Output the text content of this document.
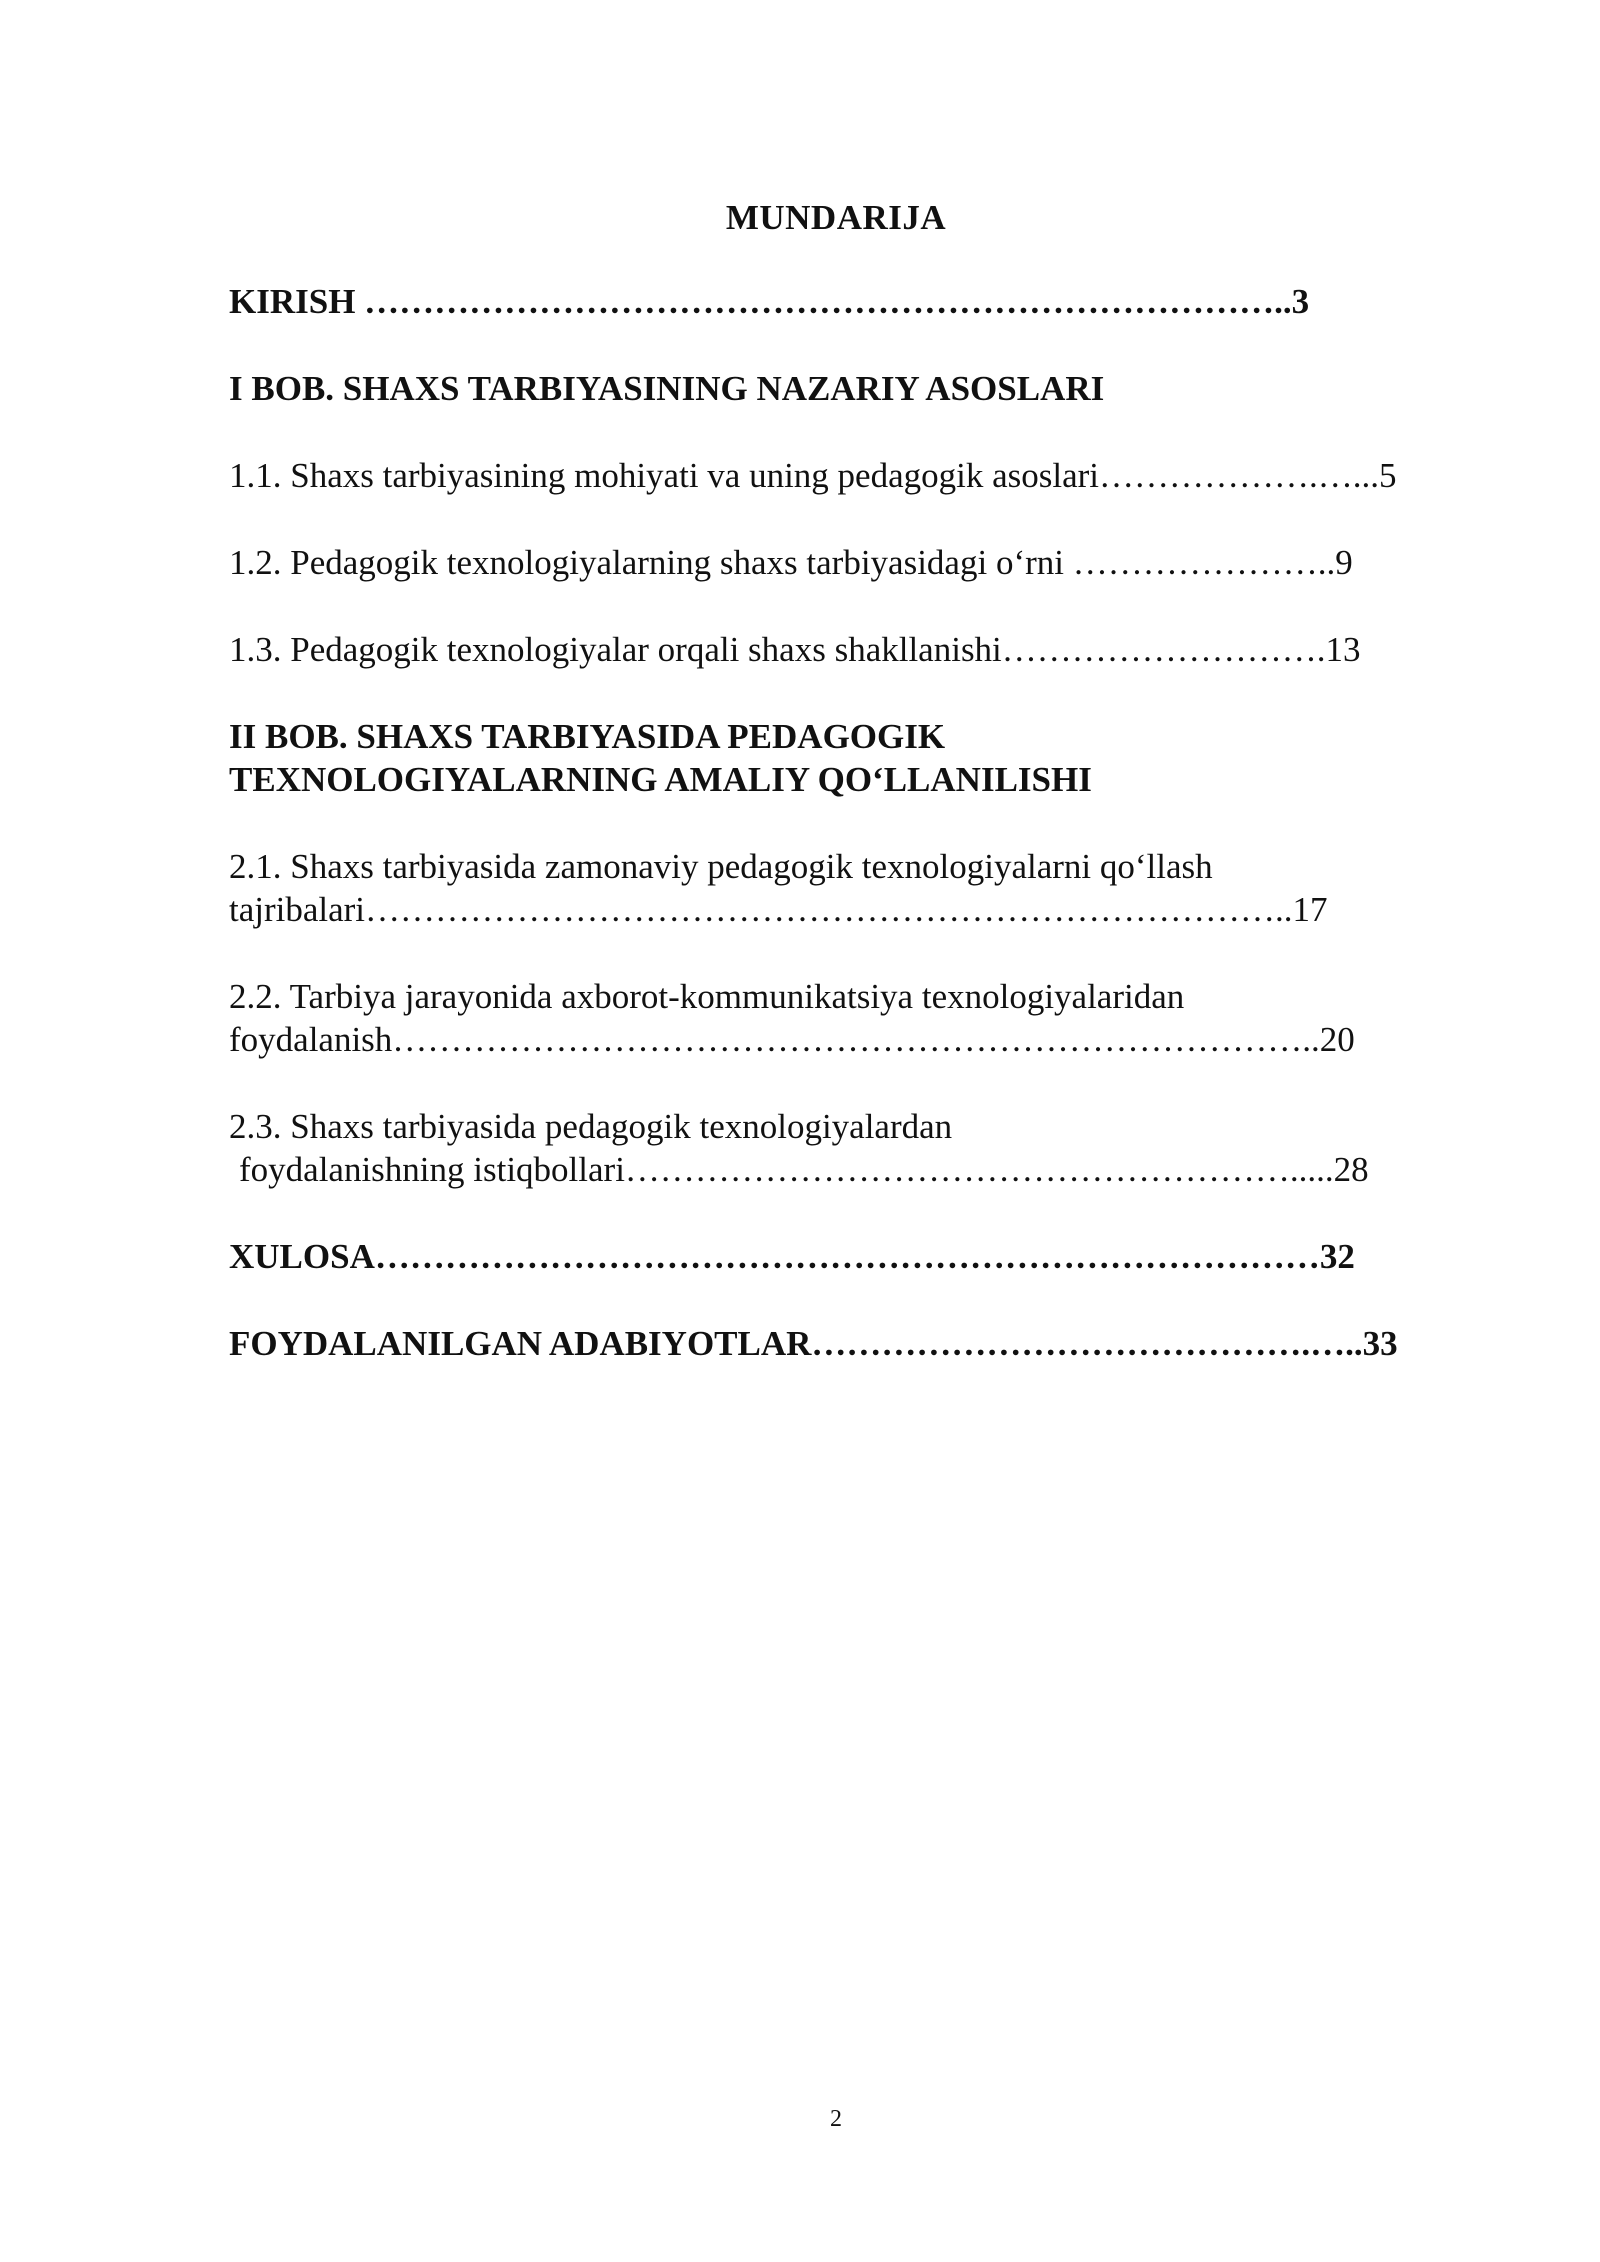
MUNDARIJA
KIRISH ……………………………………………………………………..3
I BOB. SHAXS TARBIYASINING NAZARIY ASOSLARI
1.1. Shaxs tarbiyasining mohiyati va uning pedagogik asoslari……………….…...5
1.2. Pedagogik texnologiyalarning shaxs tarbiyasidagi o‘rni …………………..9
1.3. Pedagogik texnologiyalar orqali shaxs shakllanishi……………………….13
II BOB. SHAXS TARBIYASIDA PEDAGOGIK
TEXNOLOGIYALARNING AMALIY QO‘LLANILISHI
2.1. Shaxs tarbiyasida zamonaviy pedagogik texnologiyalarni qo‘llash
tajribalari……………………………………………………………………..17
2.2. Tarbiya jarayonida axborot-kommunikatsiya texnologiyalaridan
foydalanish……………………………………………………………………..20
2.3. Shaxs tarbiyasida pedagogik texnologiyalardan
foydalanishning istiqbollari………………………………………………….....28
XULOSA………………………………………………………………………32
FOYDALANILGAN ADABIYOTLAR…………………………………….…..33
2
